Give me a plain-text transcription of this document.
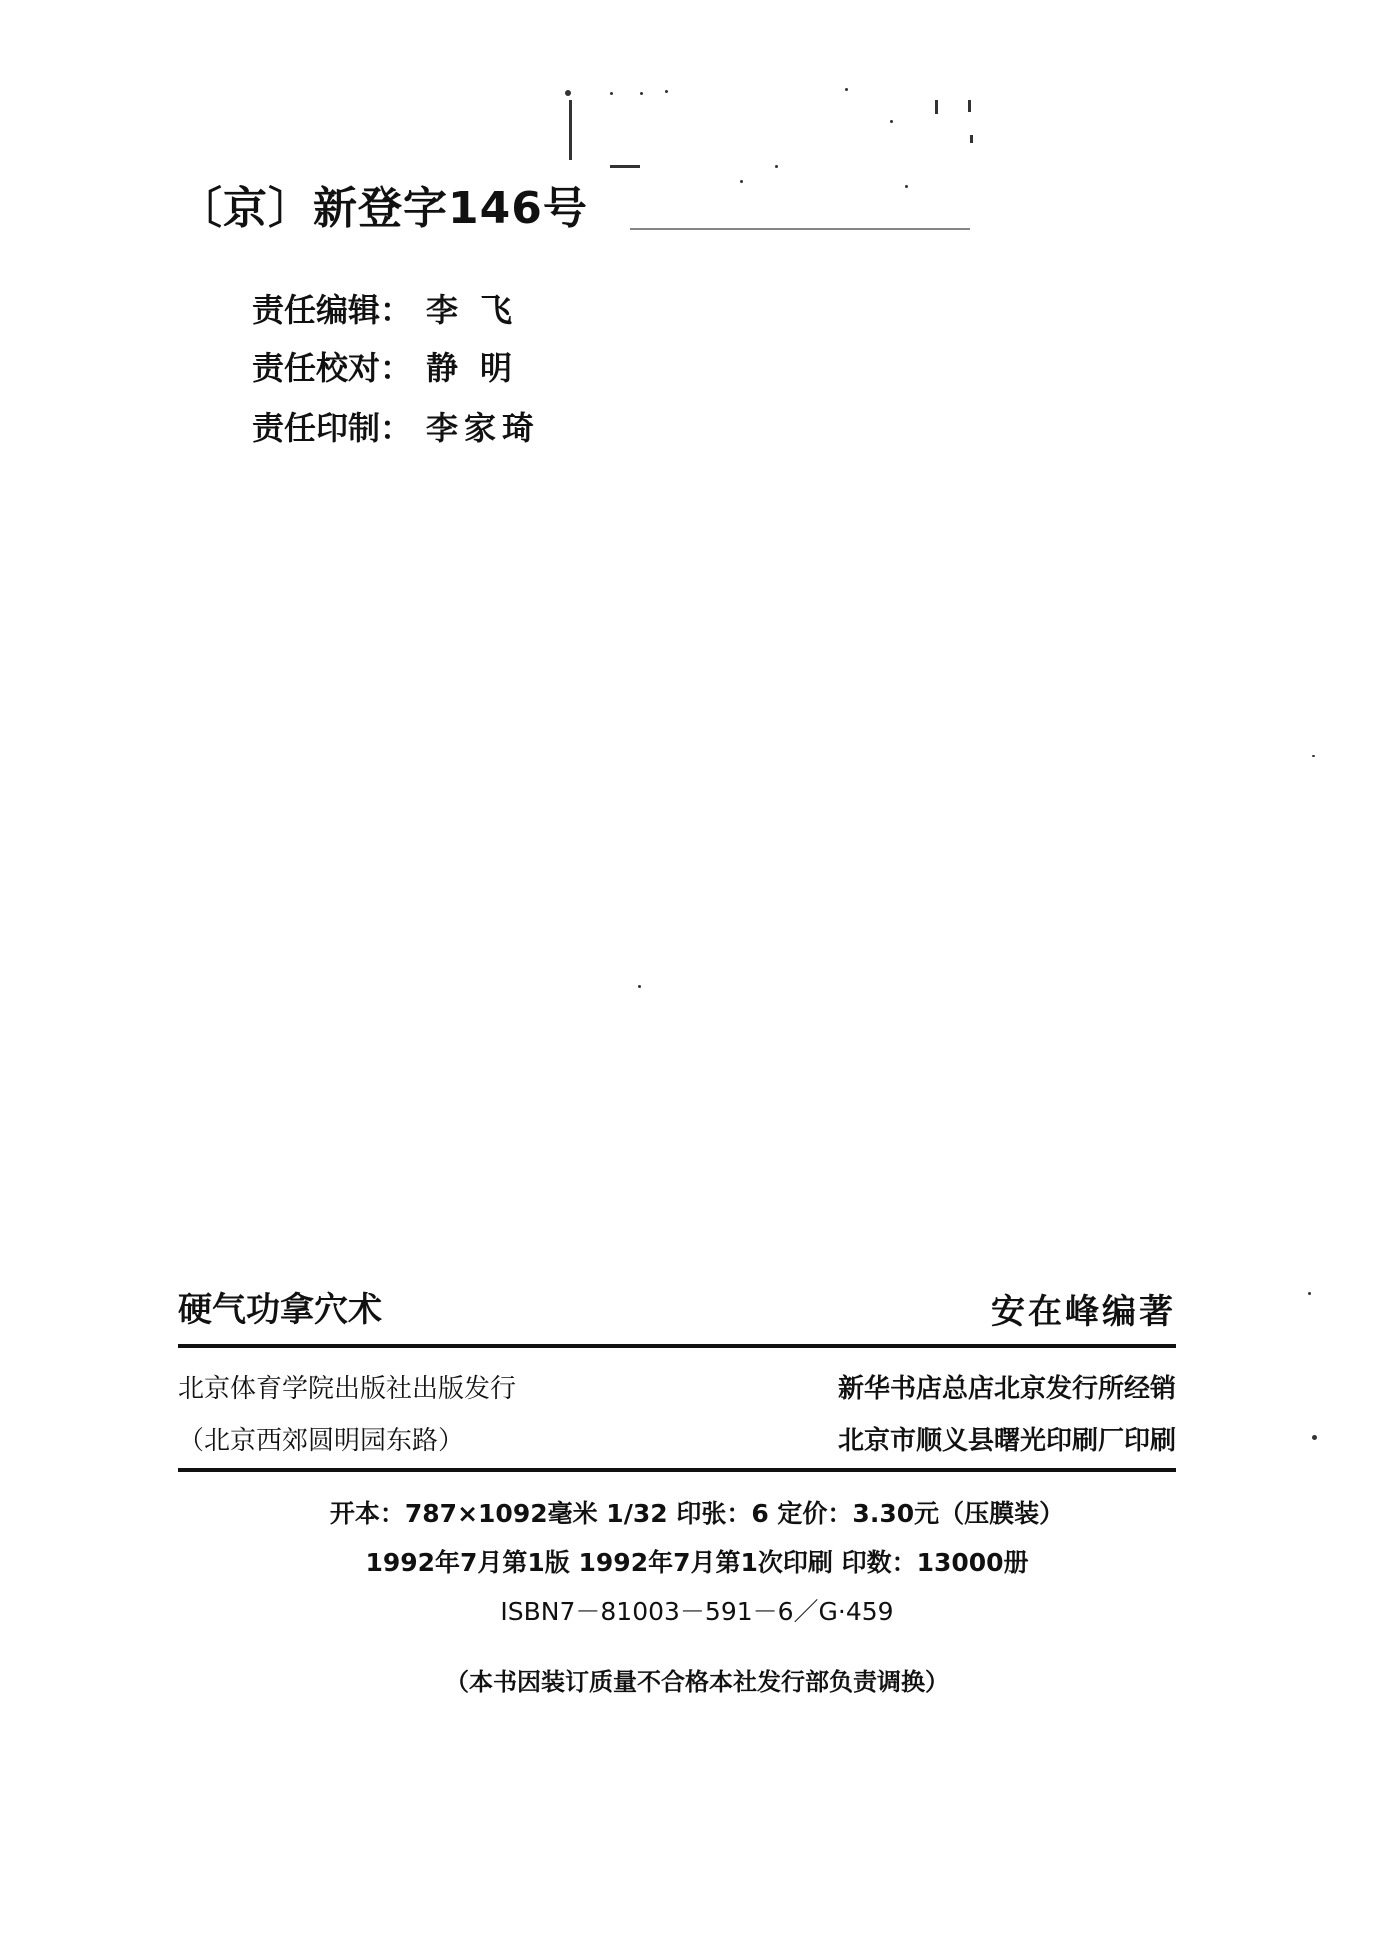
〔京〕新登字146号
责任编辑： 李飞
责任校对： 静明
责任印制： 李家琦
硬气功拿穴术	安在峰编著
北京体育学院出版社出版发行
（北京西郊圆明园东路）
新华书店总店北京发行所经销
北京市顺义县曙光印刷厂印刷
开本：787×1092毫米 1/32 印张：6 定价：3.30元（压膜装）
1992年7月第1版 1992年7月第1次印刷 印数：13000册
ISBN7－81003－591－6／G·459
（本书因装订质量不合格本社发行部负责调换）
